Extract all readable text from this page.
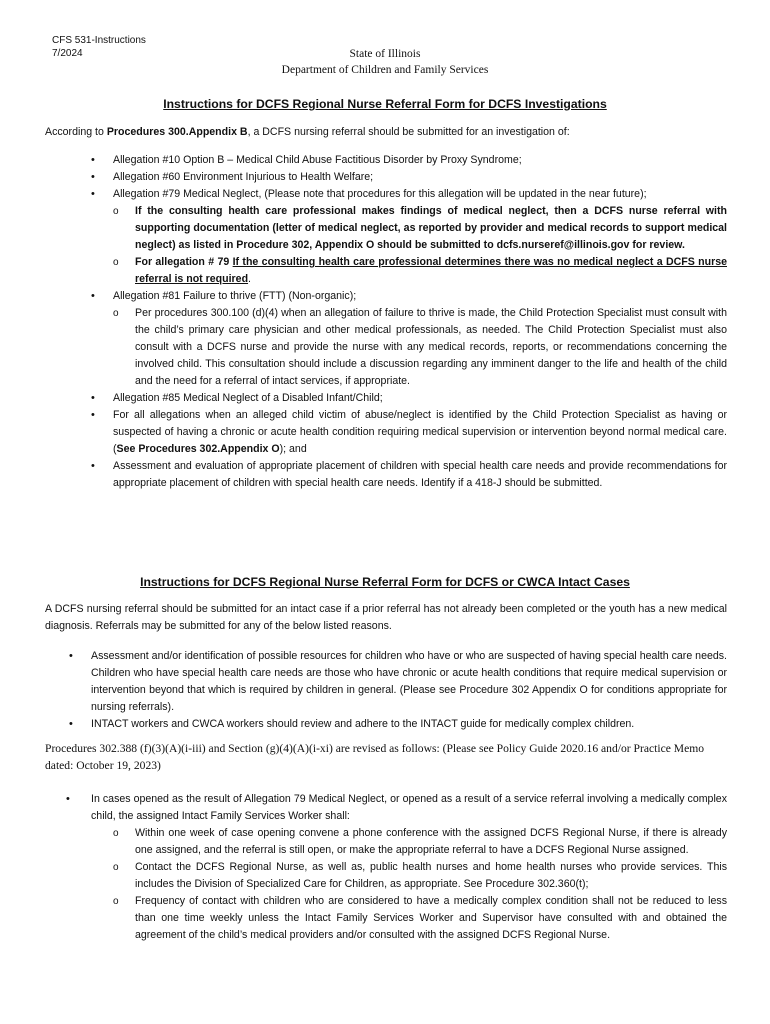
CFS 531-Instructions
7/2024	State of Illinois
Department of Children and Family Services
Instructions for DCFS Regional Nurse Referral Form for DCFS Investigations
According to Procedures 300.Appendix B, a DCFS nursing referral should be submitted for an investigation of:
• Allegation #10 Option B – Medical Child Abuse Factitious Disorder by Proxy Syndrome;
• Allegation #60 Environment Injurious to Health Welfare;
• Allegation #79 Medical Neglect, (Please note that procedures for this allegation will be updated in the near future);
o If the consulting health care professional makes findings of medical neglect, then a DCFS nurse referral with supporting documentation (letter of medical neglect, as reported by provider and medical records to support medical neglect) as listed in Procedure 302, Appendix O should be submitted to dcfs.nurseref@illinois.gov for review.
o For allegation # 79 If the consulting health care professional determines there was no medical neglect a DCFS nurse referral is not required.
• Allegation #81 Failure to thrive (FTT) (Non-organic);
o Per procedures 300.100 (d)(4) when an allegation of failure to thrive is made, the Child Protection Specialist must consult with the child’s primary care physician and other medical professionals, as needed. The Child Protection Specialist must also consult with a DCFS nurse and provide the nurse with any medical records, reports, or recommendations concerning the involved child. This consultation should include a discussion regarding any imminent danger to the life and health of the child and the need for a referral of intact services, if appropriate.
• Allegation #85 Medical Neglect of a Disabled Infant/Child;
• For all allegations when an alleged child victim of abuse/neglect is identified by the Child Protection Specialist as having or suspected of having a chronic or acute health condition requiring medical supervision or intervention beyond normal medical care. (See Procedures 302.Appendix O); and
• Assessment and evaluation of appropriate placement of children with special health care needs and provide recommendations for appropriate placement of children with special health care needs. Identify if a 418-J should be submitted.
Instructions for DCFS Regional Nurse Referral Form for DCFS or CWCA Intact Cases
A DCFS nursing referral should be submitted for an intact case if a prior referral has not already been completed or the youth has a new medical diagnosis. Referrals may be submitted for any of the below listed reasons.
• Assessment and/or identification of possible resources for children who have or who are suspected of having special health care needs. Children who have special health care needs are those who have chronic or acute health conditions that require medical supervision or intervention beyond that which is required by children in general. (Please see Procedure 302 Appendix O for conditions appropriate for nursing referrals).
• INTACT workers and CWCA workers should review and adhere to the INTACT guide for medically complex children.
Procedures 302.388 (f)(3)(A)(i-iii) and Section (g)(4)(A)(i-xi) are revised as follows: (Please see Policy Guide 2020.16 and/or Practice Memo dated: October 19, 2023)
• In cases opened as the result of Allegation 79 Medical Neglect, or opened as a result of a service referral involving a medically complex child, the assigned Intact Family Services Worker shall:
o Within one week of case opening convene a phone conference with the assigned DCFS Regional Nurse, if there is already one assigned, and the referral is still open, or make the appropriate referral to have a DCFS Regional Nurse assigned.
o Contact the DCFS Regional Nurse, as well as, public health nurses and home health nurses who provide services. This includes the Division of Specialized Care for Children, as appropriate. See Procedure 302.360(t);
o Frequency of contact with children who are considered to have a medically complex condition shall not be reduced to less than one time weekly unless the Intact Family Services Worker and Supervisor have consulted with and obtained the agreement of the child’s medical providers and/or consulted with the assigned DCFS Regional Nurse.
